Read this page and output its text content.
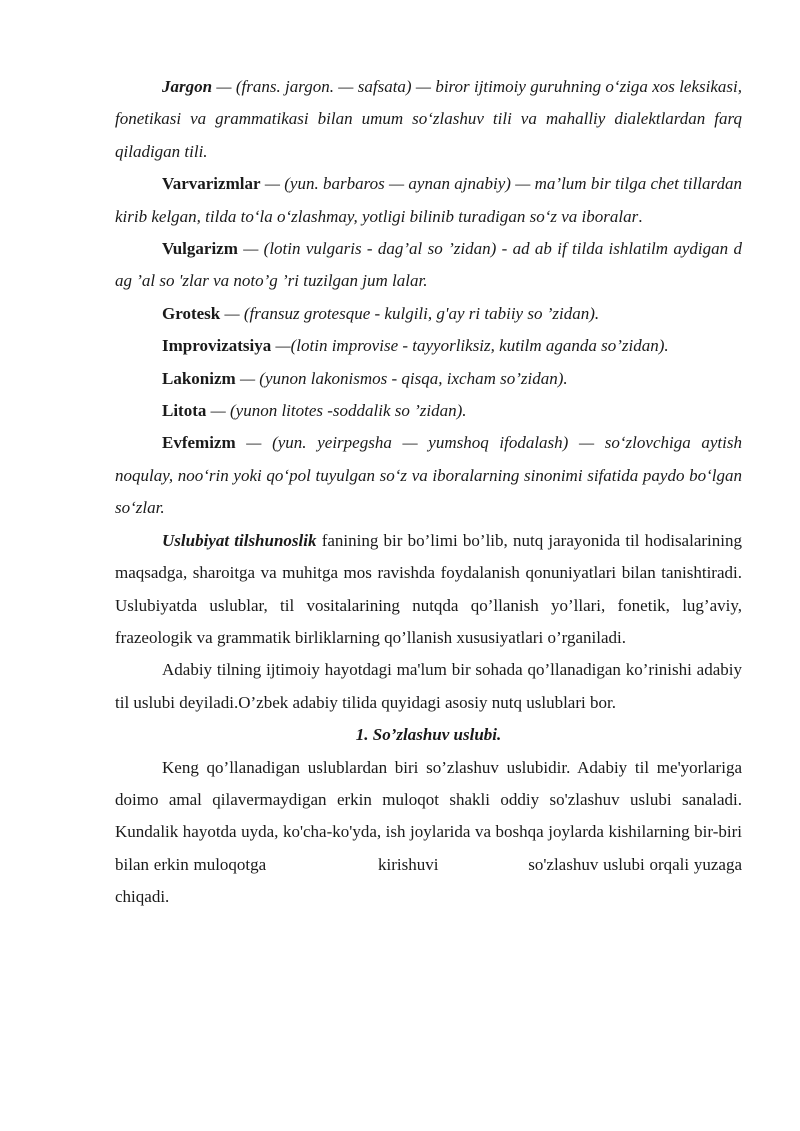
Jargon — (frans. jargon. — safsata) — biror ijtimoiy guruhning o‘ziga xos leksikasi, fonetikasi va grammatikasi bilan umum so‘zlashuv tili va mahalliy dialektlardan farq qiladigan tili.

Varvarizmlar — (yun. barbaros — aynan ajnabiy) — ma’lum bir tilga chet tillardan kirib kelgan, tilda to‘la o‘zlashmay, yotligi bilinib turadigan so‘z va iboralar.

Vulgarizm — (lotin vulgaris - dag’al so ’zidan) - ad ab if tilda ishlatilm aydigan d ag ’al so 'zlar va noto’g ’ri tuzilgan jum lalar.

Grotesk — (fransuz grotesque - kulgili, g'ay ri tabiiy so ’zidan).

Improvizatsiya —(lotin improvise - tayyorliksiz, kutilm aganda so’zidan).

Lakonizm — (yunon lakonismos - qisqa, ixcham so’zidan).

Litota — (yunon litotes -soddalik so ’zidan).

Evfemizm — (yun. yeirpegsha — yumshoq ifodalash) — so‘zlovchiga aytish noqulay, noo‘rin yoki qo‘pol tuyulgan so‘z va iboralarning sinonimi sifatida paydo bo‘lgan so‘zlar.

Uslubiyat tilshunoslik fanining bir bo’limi bo’lib, nutq jarayonida til hodisalarining maqsadga, sharoitga va muhitga mos ravishda foydalanish qonuniyatlari bilan tanishtiradi. Uslubiyatda uslublar, til vositalarining nutqda qo’llanish yo’llari, fonetik, lug’aviy, frazeologik va grammatik birliklarning qo’llanish xususiyatlari o’rganiladi.

Adabiy tilning ijtimoiy hayotdagi ma'lum bir sohada qo’llanadigan ko’rinishi adabiy til uslubi deyiladi.O’zbek adabiy tilida quyidagi asosiy nutq uslublari bor.

1. So’zlashuv uslubi.

Keng qo’llanadigan uslublardan biri so’zlashuv uslubidir. Adabiy til me'yorlariga doimo amal qilavermaydigan erkin muloqot shakli oddiy so'zlashuv uslubi sanaladi. Kundalik hayotda uyda, ko'cha-ko'yda, ish joylarida va boshqa joylarda kishilarning bir-biri bilan erkin muloqotga	kirishuvi	so'zlashuv uslubi orqali yuzaga chiqadi.
